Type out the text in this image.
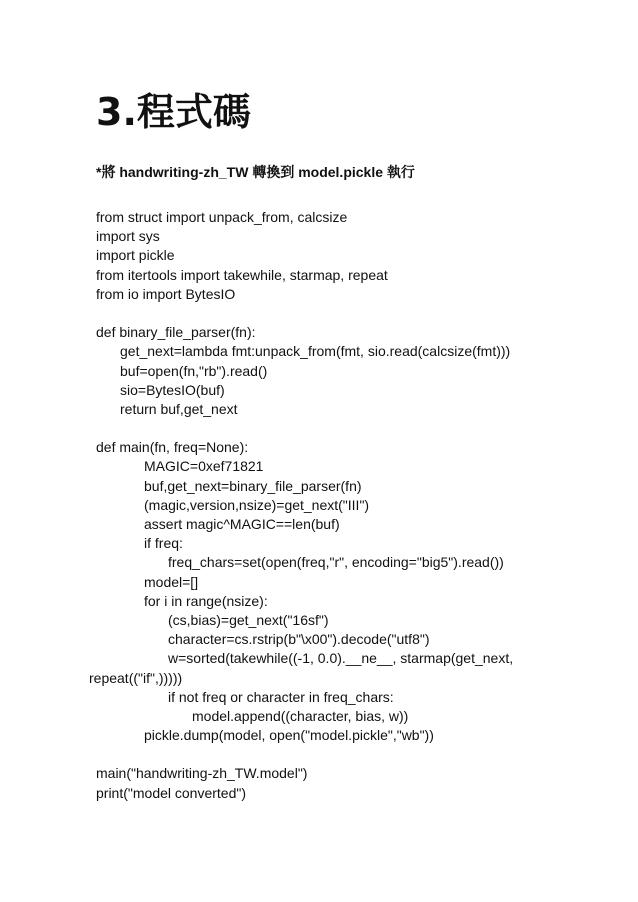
3.程式碼
*將 handwriting-zh_TW 轉換到 model.pickle 執行
from struct import unpack_from, calcsize
import sys
import pickle
from itertools import takewhile, starmap, repeat
from io import BytesIO
def binary_file_parser(fn):
get_next=lambda fmt:unpack_from(fmt, sio.read(calcsize(fmt)))
buf=open(fn,"rb").read()
sio=BytesIO(buf)
return buf,get_next
def main(fn, freq=None):
MAGIC=0xef71821
buf,get_next=binary_file_parser(fn)
(magic,version,nsize)=get_next("III")
assert magic^MAGIC==len(buf)
if freq:
freq_chars=set(open(freq,"r", encoding="big5").read())
model=[]
for i in range(nsize):
(cs,bias)=get_next("16sf")
character=cs.rstrip(b"\x00").decode("utf8")
w=sorted(takewhile((-1, 0.0).__ne__, starmap(get_next,
repeat(("if",)))))
if not freq or character in freq_chars:
model.append((character, bias, w))
pickle.dump(model, open("model.pickle","wb"))
main("handwriting-zh_TW.model")
print("model converted")
